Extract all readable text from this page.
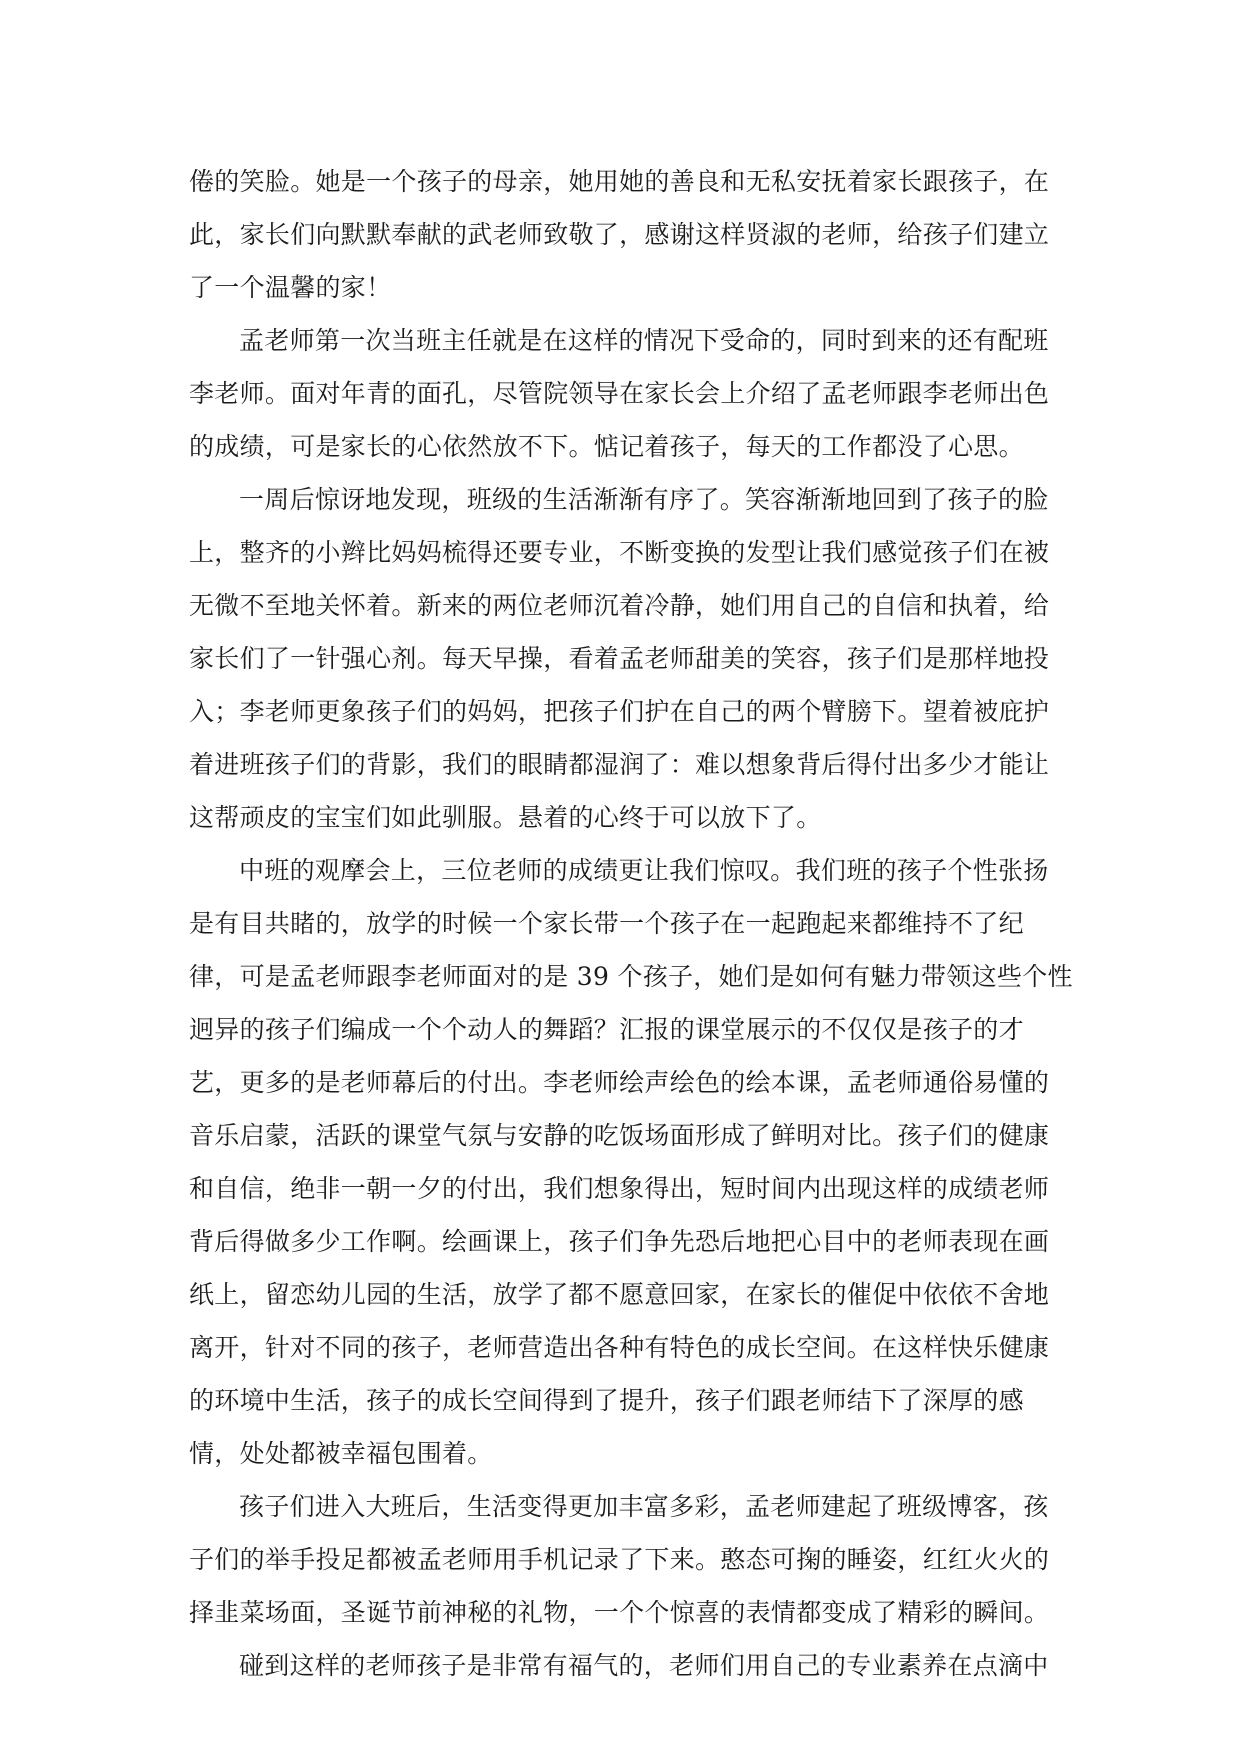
倦的笑脸。她是一个孩子的母亲，她用她的善良和无私安抚着家长跟孩子，在
此，家长们向默默奉献的武老师致敬了，感谢这样贤淑的老师，给孩子们建立
了一个温馨的家！
孟老师第一次当班主任就是在这样的情况下受命的，同时到来的还有配班
李老师。面对年青的面孔，尽管院领导在家长会上介绍了孟老师跟李老师出色
的成绩，可是家长的心依然放不下。惦记着孩子，每天的工作都没了心思。
一周后惊讶地发现，班级的生活渐渐有序了。笑容渐渐地回到了孩子的脸
上，整齐的小辫比妈妈梳得还要专业，不断变换的发型让我们感觉孩子们在被
无微不至地关怀着。新来的两位老师沉着冷静，她们用自己的自信和执着，给
家长们了一针强心剂。每天早操，看着孟老师甜美的笑容，孩子们是那样地投
入；李老师更象孩子们的妈妈，把孩子们护在自己的两个臂膀下。望着被庇护
着进班孩子们的背影，我们的眼睛都湿润了：难以想象背后得付出多少才能让
这帮顽皮的宝宝们如此驯服。悬着的心终于可以放下了。
中班的观摩会上，三位老师的成绩更让我们惊叹。我们班的孩子个性张扬
是有目共睹的，放学的时候一个家长带一个孩子在一起跑起来都维持不了纪
律，可是孟老师跟李老师面对的是 39 个孩子，她们是如何有魅力带领这些个性
迥异的孩子们编成一个个动人的舞蹈？汇报的课堂展示的不仅仅是孩子的才
艺，更多的是老师幕后的付出。李老师绘声绘色的绘本课，孟老师通俗易懂的
音乐启蒙，活跃的课堂气氛与安静的吃饭场面形成了鲜明对比。孩子们的健康
和自信，绝非一朝一夕的付出，我们想象得出，短时间内出现这样的成绩老师
背后得做多少工作啊。绘画课上，孩子们争先恐后地把心目中的老师表现在画
纸上，留恋幼儿园的生活，放学了都不愿意回家，在家长的催促中依依不舍地
离开，针对不同的孩子，老师营造出各种有特色的成长空间。在这样快乐健康
的环境中生活，孩子的成长空间得到了提升，孩子们跟老师结下了深厚的感
情，处处都被幸福包围着。
孩子们进入大班后，生活变得更加丰富多彩，孟老师建起了班级博客，孩
子们的举手投足都被孟老师用手机记录了下来。憨态可掬的睡姿，红红火火的
择韭菜场面，圣诞节前神秘的礼物，一个个惊喜的表情都变成了精彩的瞬间。
碰到这样的老师孩子是非常有福气的，老师们用自己的专业素养在点滴中
